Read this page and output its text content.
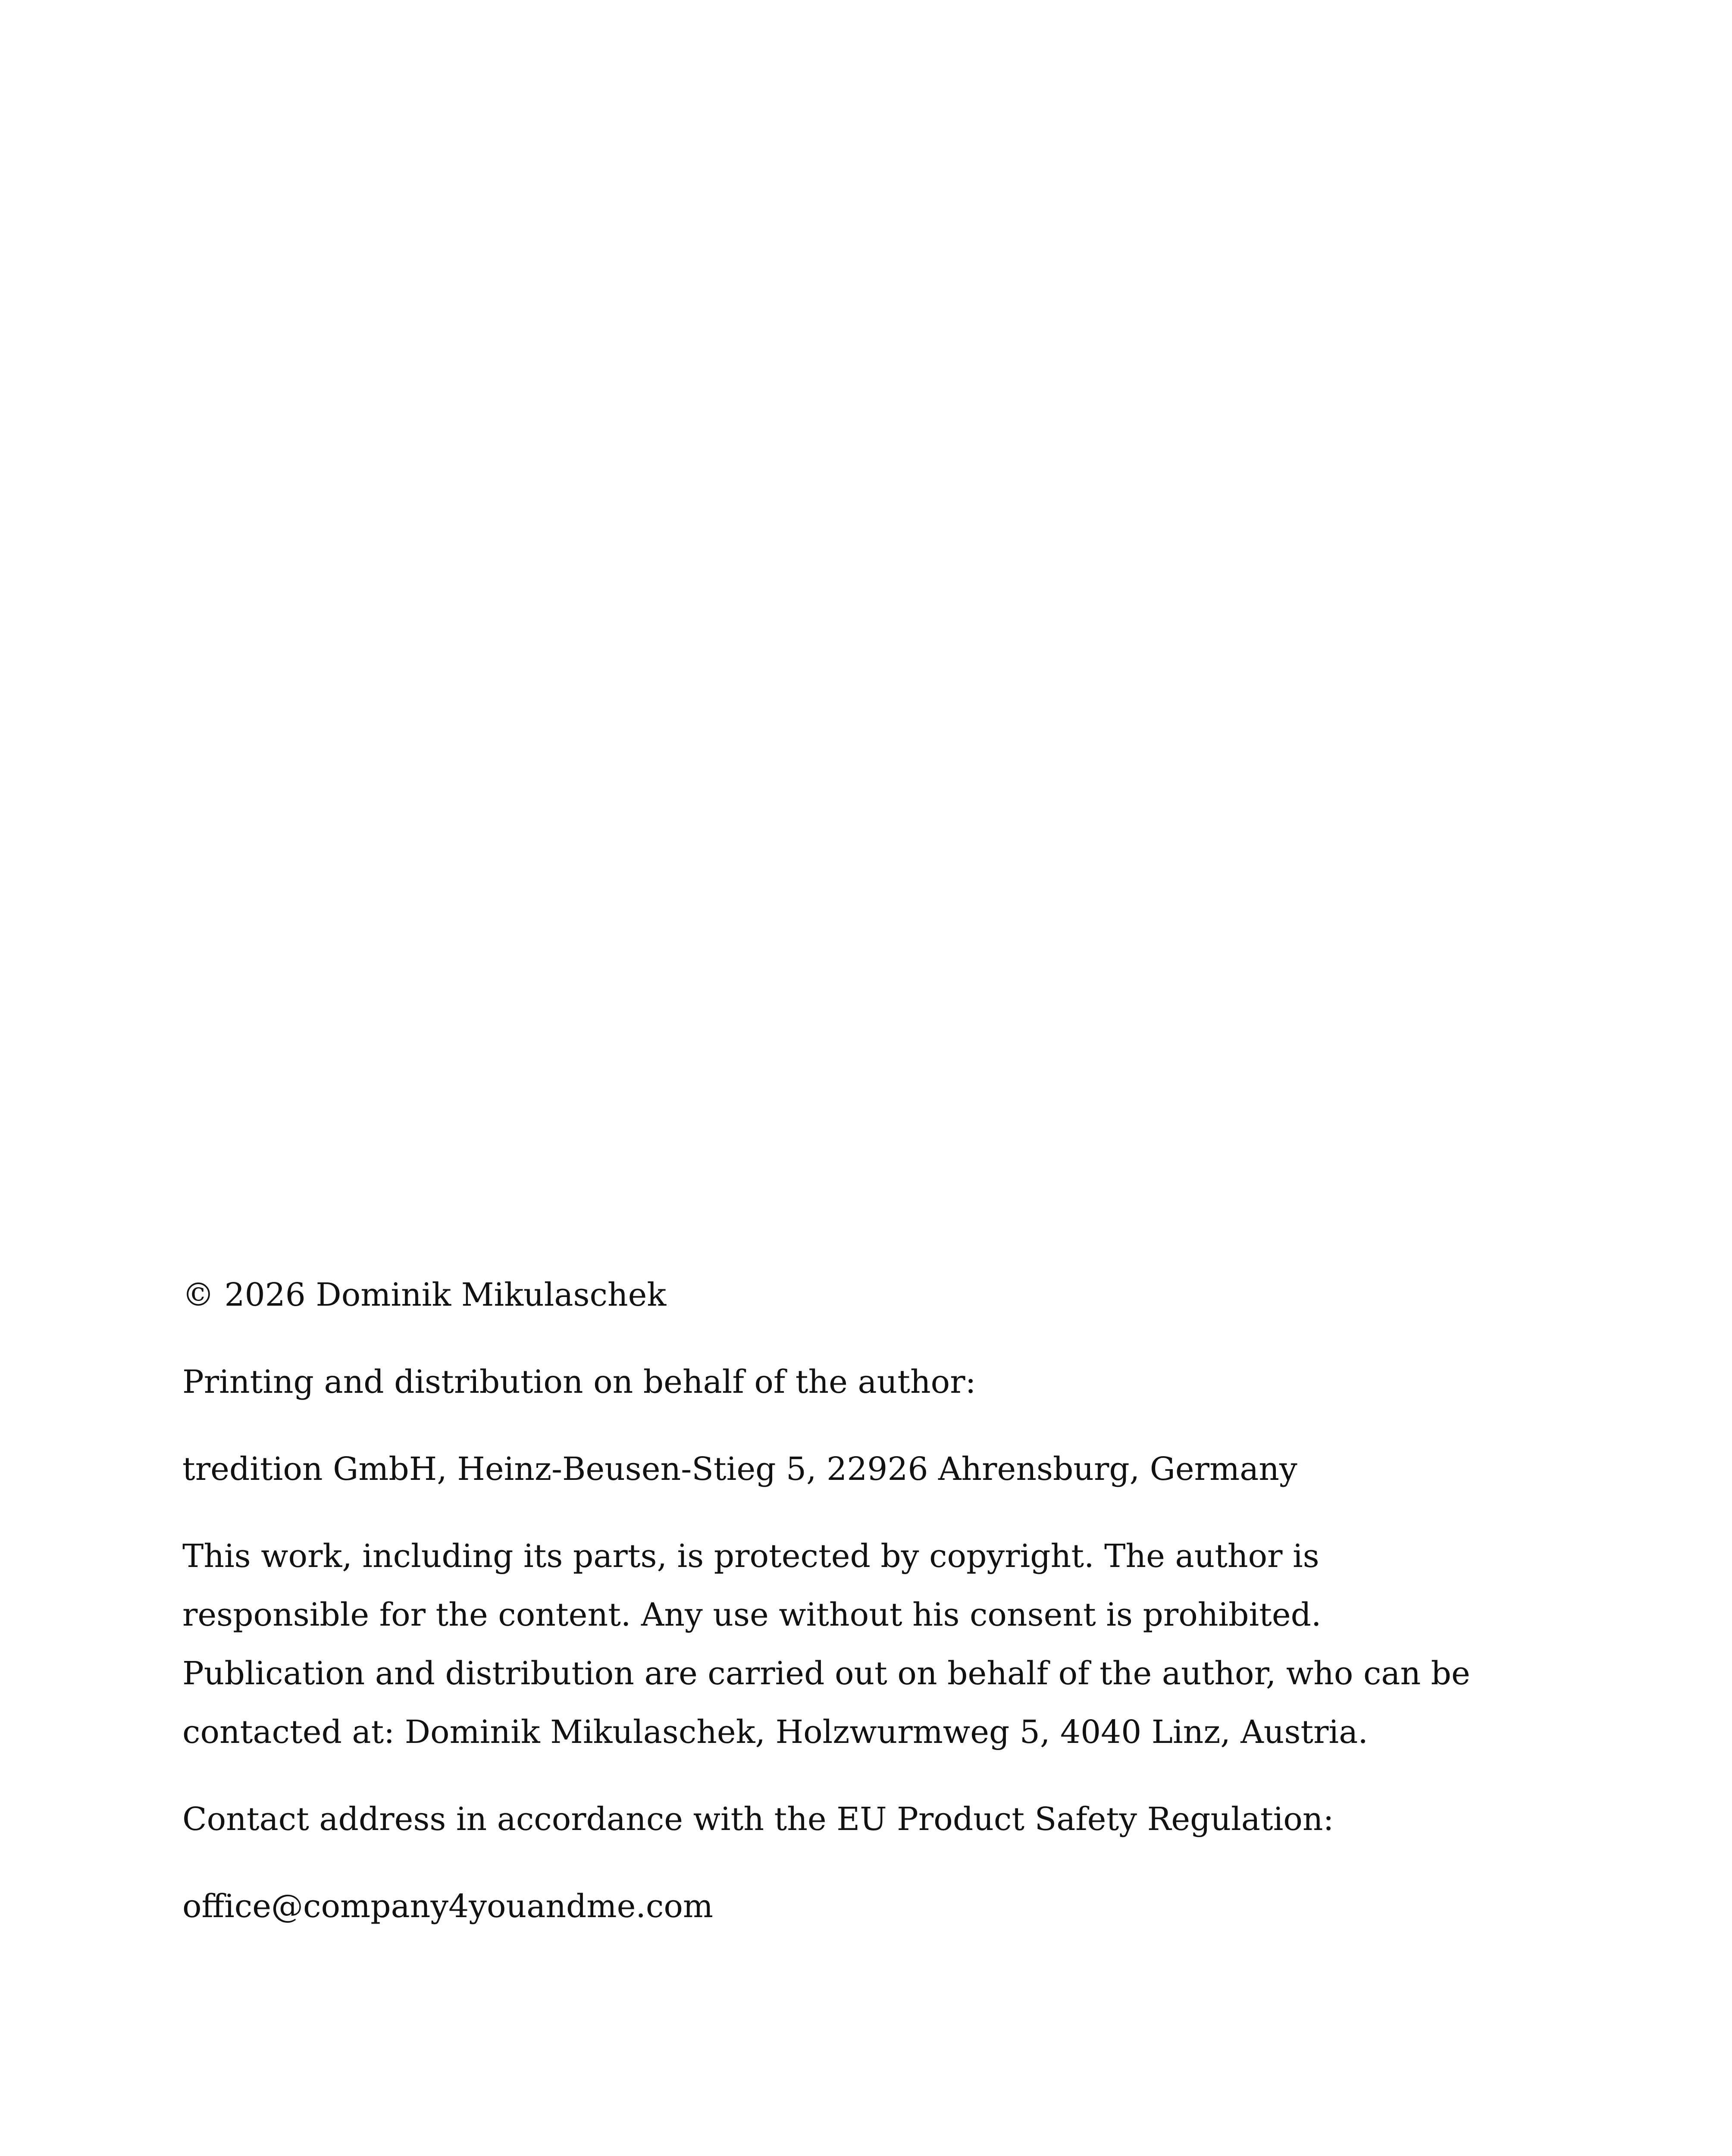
© 2026 Dominik Mikulaschek

Printing and distribution on behalf of the author:

tredition GmbH, Heinz-Beusen-Stieg 5, 22926 Ahrensburg, Germany

This work, including its parts, is protected by copyright. The author is
responsible for the content. Any use without his consent is prohibited.
Publication and distribution are carried out on behalf of the author, who can be
contacted at: Dominik Mikulaschek, Holzwurmweg 5, 4040 Linz, Austria.

Contact address in accordance with the EU Product Safety Regulation:

office@company4youandme.com
